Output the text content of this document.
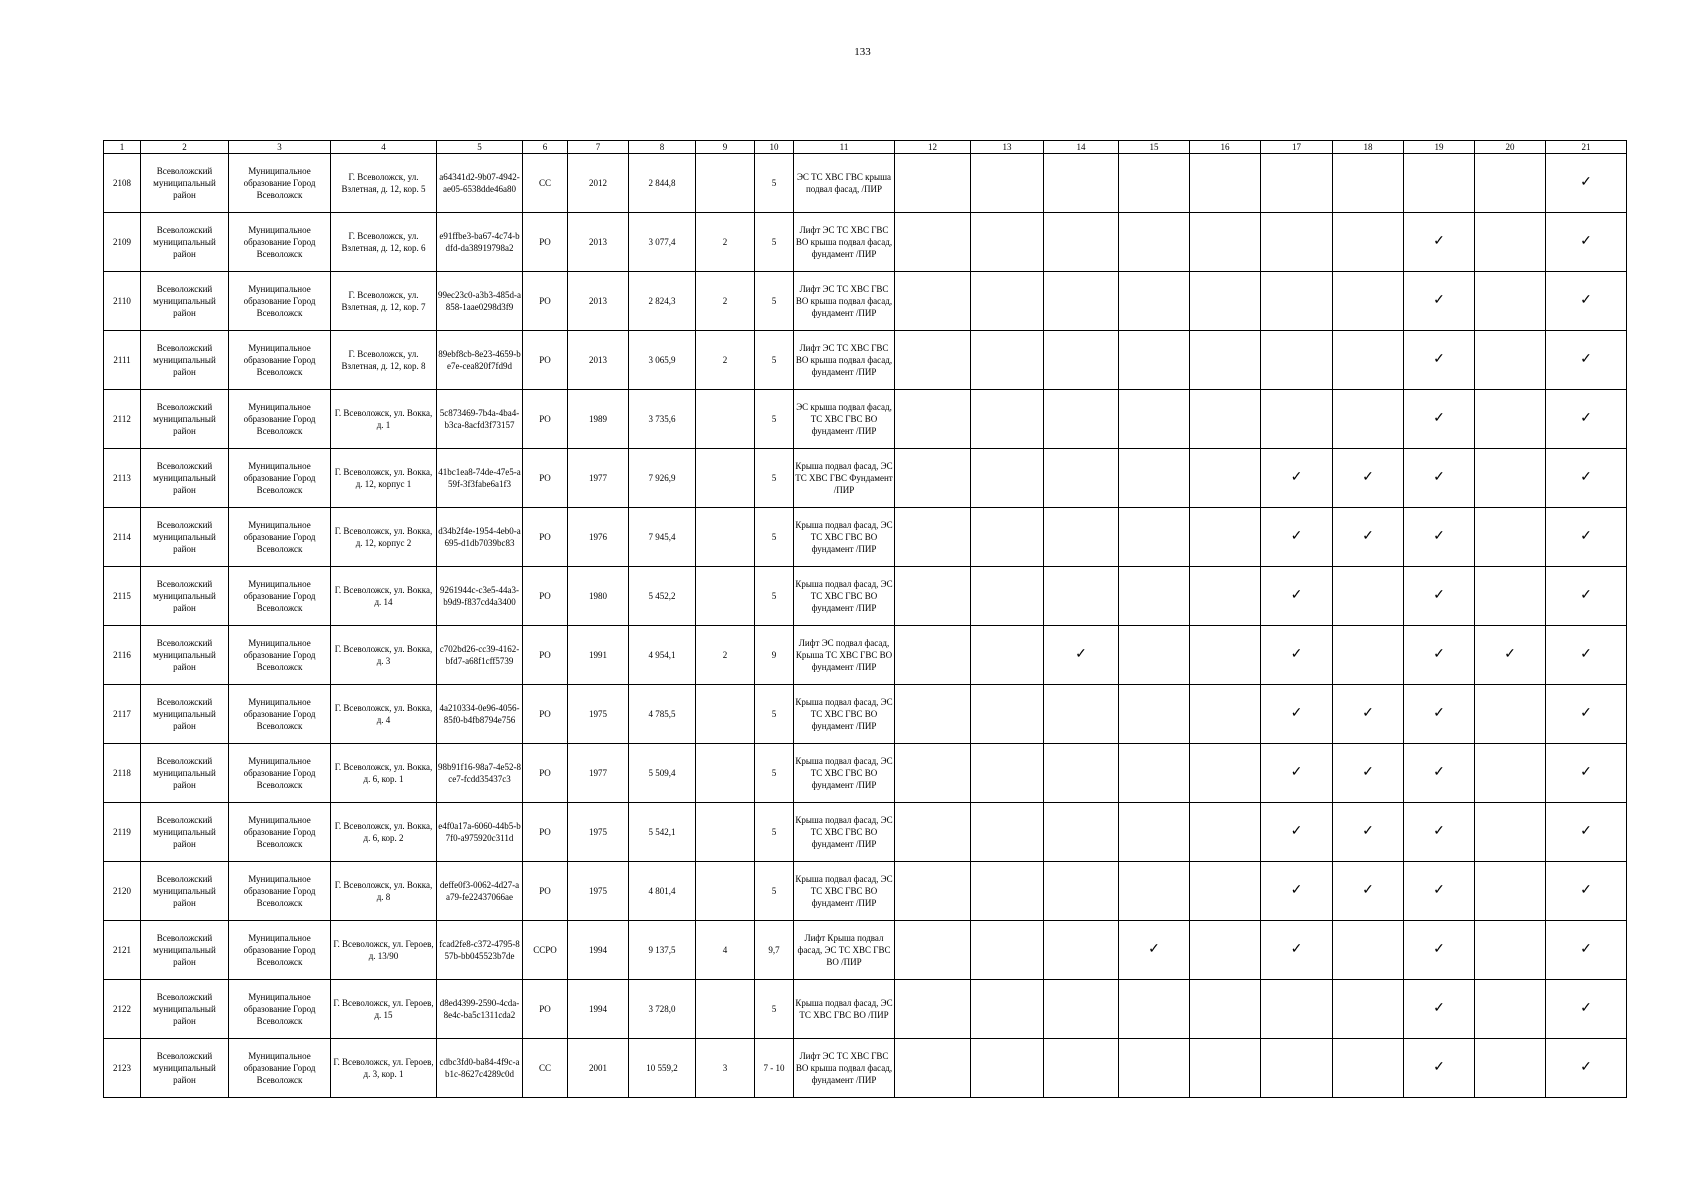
133
1	2	3	4	5	6	7	8	9	10	11	12	13	14	15	16	17	18	19	20	21
2108	Всеволожский муниципальный район	Муниципальное образование Город Всеволожск	Г. Всеволожск, ул. Взлетная, д. 12, кор. 5	a64341d2-9b07-4942-ae05-6538dde46a80	СС	2012	2 844,8		5	ЭС ТС ХВС ГВС крыша подвал фасад, /ПИР										✓
2109	Всеволожский муниципальный район	Муниципальное образование Город Всеволожск	Г. Всеволожск, ул. Взлетная, д. 12, кор. 6	e91ffbe3-ba67-4c74-bdfd-da38919798a2	РО	2013	3 077,4	2	5	Лифт ЭС ТС ХВС ГВС ВО крыша подвал фасад, фундамент /ПИР								✓		✓
2110	Всеволожский муниципальный район	Муниципальное образование Город Всеволожск	Г. Всеволожск, ул. Взлетная, д. 12, кор. 7	99ec23c0-a3b3-485d-a858-1aae0298d3f9	РО	2013	2 824,3	2	5	Лифт ЭС ТС ХВС ГВС ВО крыша подвал фасад, фундамент /ПИР								✓		✓
2111	Всеволожский муниципальный район	Муниципальное образование Город Всеволожск	Г. Всеволожск, ул. Взлетная, д. 12, кор. 8	89ebf8cb-8e23-4659-be7e-cea820f7fd9d	РО	2013	3 065,9	2	5	Лифт ЭС ТС ХВС ГВС ВО крыша подвал фасад, фундамент /ПИР								✓		✓
2112	Всеволожский муниципальный район	Муниципальное образование Город Всеволожск	Г. Всеволожск, ул. Вокка, д. 1	5c873469-7b4a-4ba4-b3ca-8acfd3f73157	РО	1989	3 735,6		5	ЭС крыша подвал фасад, ТС ХВС ГВС ВО фундамент /ПИР								✓		✓
2113	Всеволожский муниципальный район	Муниципальное образование Город Всеволожск	Г. Всеволожск, ул. Вокка, д. 12, корпус 1	41bc1ea8-74de-47e5-a59f-3f3fabe6a1f3	РО	1977	7 926,9		5	Крыша подвал фасад, ЭС ТС ХВС ГВС Фундамент /ПИР						✓	✓	✓		✓
2114	Всеволожский муниципальный район	Муниципальное образование Город Всеволожск	Г. Всеволожск, ул. Вокка, д. 12, корпус 2	d34b2f4e-1954-4eb0-a695-d1db7039bc83	РО	1976	7 945,4		5	Крыша подвал фасад, ЭС ТС ХВС ГВС ВО фундамент /ПИР						✓	✓	✓		✓
2115	Всеволожский муниципальный район	Муниципальное образование Город Всеволожск	Г. Всеволожск, ул. Вокка, д. 14	9261944c-c3e5-44a3-b9d9-f837cd4a3400	РО	1980	5 452,2		5	Крыша подвал фасад, ЭС ТС ХВС ГВС ВО фундамент /ПИР						✓		✓		✓
2116	Всеволожский муниципальный район	Муниципальное образование Город Всеволожск	Г. Всеволожск, ул. Вокка, д. 3	c702bd26-cc39-4162-bfd7-a68f1cff5739	РО	1991	4 954,1	2	9	Лифт ЭС подвал фасад, Крыша ТС ХВС ГВС ВО фундамент /ПИР			✓			✓		✓	✓	✓
2117	Всеволожский муниципальный район	Муниципальное образование Город Всеволожск	Г. Всеволожск, ул. Вокка, д. 4	4a210334-0e96-4056-85f0-b4fb8794e756	РО	1975	4 785,5		5	Крыша подвал фасад, ЭС ТС ХВС ГВС ВО фундамент /ПИР						✓	✓	✓		✓
2118	Всеволожский муниципальный район	Муниципальное образование Город Всеволожск	Г. Всеволожск, ул. Вокка, д. 6, кор. 1	98b91f16-98a7-4e52-8ce7-fcdd35437c3	РО	1977	5 509,4		5	Крыша подвал фасад, ЭС ТС ХВС ГВС ВО фундамент /ПИР						✓	✓	✓		✓
2119	Всеволожский муниципальный район	Муниципальное образование Город Всеволожск	Г. Всеволожск, ул. Вокка, д. 6, кор. 2	e4f0a17a-6060-44b5-b7f0-a975920c311d	РО	1975	5 542,1		5	Крыша подвал фасад, ЭС ТС ХВС ГВС ВО фундамент /ПИР						✓	✓	✓		✓
2120	Всеволожский муниципальный район	Муниципальное образование Город Всеволожск	Г. Всеволожск, ул. Вокка, д. 8	deffe0f3-0062-4d27-aa79-fe22437066ae	РО	1975	4 801,4		5	Крыша подвал фасад, ЭС ТС ХВС ГВС ВО фундамент /ПИР						✓	✓	✓		✓
2121	Всеволожский муниципальный район	Муниципальное образование Город Всеволожск	Г. Всеволожск, ул. Героев, д. 13/90	fcad2fe8-c372-4795-857b-bb045523b7de	ССРО	1994	9 137,5	4	9,7	Лифт Крыша подвал фасад, ЭС ТС ХВС ГВС ВО /ПИР				✓		✓		✓		✓
2122	Всеволожский муниципальный район	Муниципальное образование Город Всеволожск	Г. Всеволожск, ул. Героев, д. 15	d8ed4399-2590-4cda-8e4c-ba5c1311cda2	РО	1994	3 728,0		5	Крыша подвал фасад, ЭС ТС ХВС ГВС ВО /ПИР								✓		✓
2123	Всеволожский муниципальный район	Муниципальное образование Город Всеволожск	Г. Всеволожск, ул. Героев, д. 3, кор. 1	cdbc3fd0-ba84-4f9c-ab1c-8627c4289c0d	СС	2001	10 559,2	3	7 - 10	Лифт ЭС ТС ХВС ГВС ВО крыша подвал фасад, фундамент /ПИР								✓		✓
